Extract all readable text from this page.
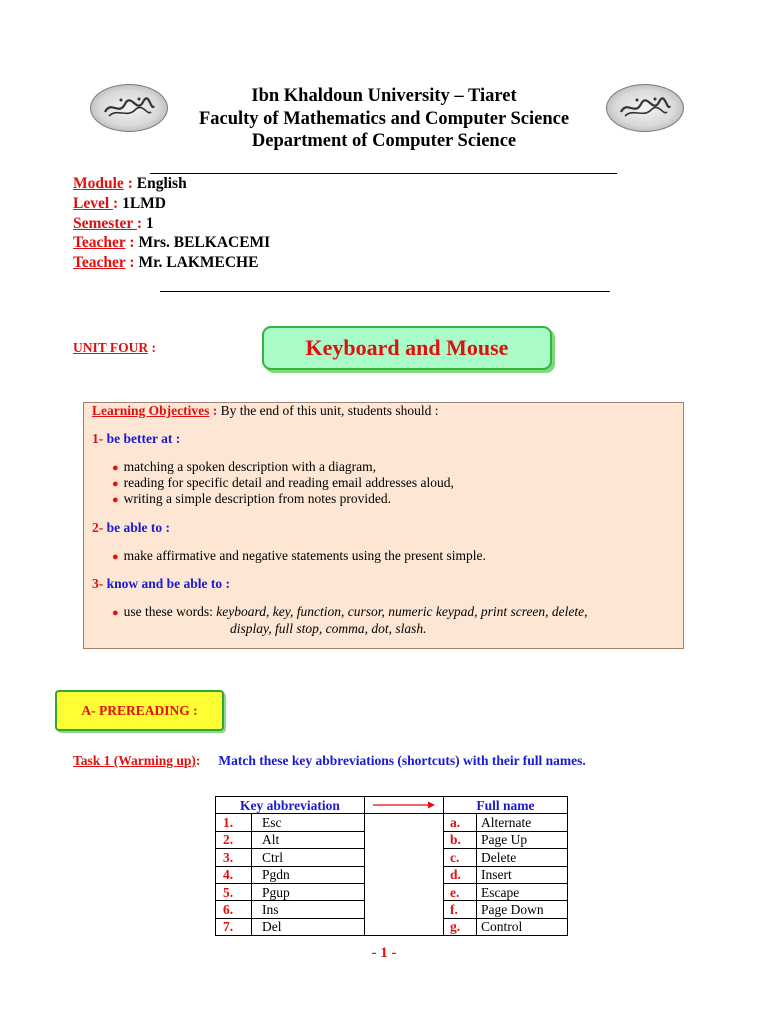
Ibn Khaldoun University – Tiaret
Faculty of Mathematics and Computer Science
Department of Computer Science
Module : English
Level : 1LMD
Semester : 1
Teacher : Mrs. BELKACEMI
Teacher : Mr. LAKMECHE
UNIT FOUR :	Keyboard and Mouse
Learning Objectives : By the end of this unit, students should :
1- be better at :
● matching a spoken description with a diagram,
● reading for specific detail and reading email addresses aloud,
● writing a simple description from notes provided.
2- be able to :
● make affirmative and negative statements using the present simple.
3- know and be able to :
● use these words: keyboard, key, function, cursor, numeric keypad, print screen, delete,
display, full stop, comma, dot, slash.
A- PREREADING :
Task 1 (Warming up): Match these key abbreviations (shortcuts) with their full names.
Key abbreviation			Full name	
1.	Esc		a.	Alternate
2.	Alt		b.	Page Up
3.	Ctrl		c.	Delete
4.	Pgdn		d.	Insert
5.	Pgup		e.	Escape
6.	Ins		f.	Page Down
7.	Del		g.	Control
- 1 -
